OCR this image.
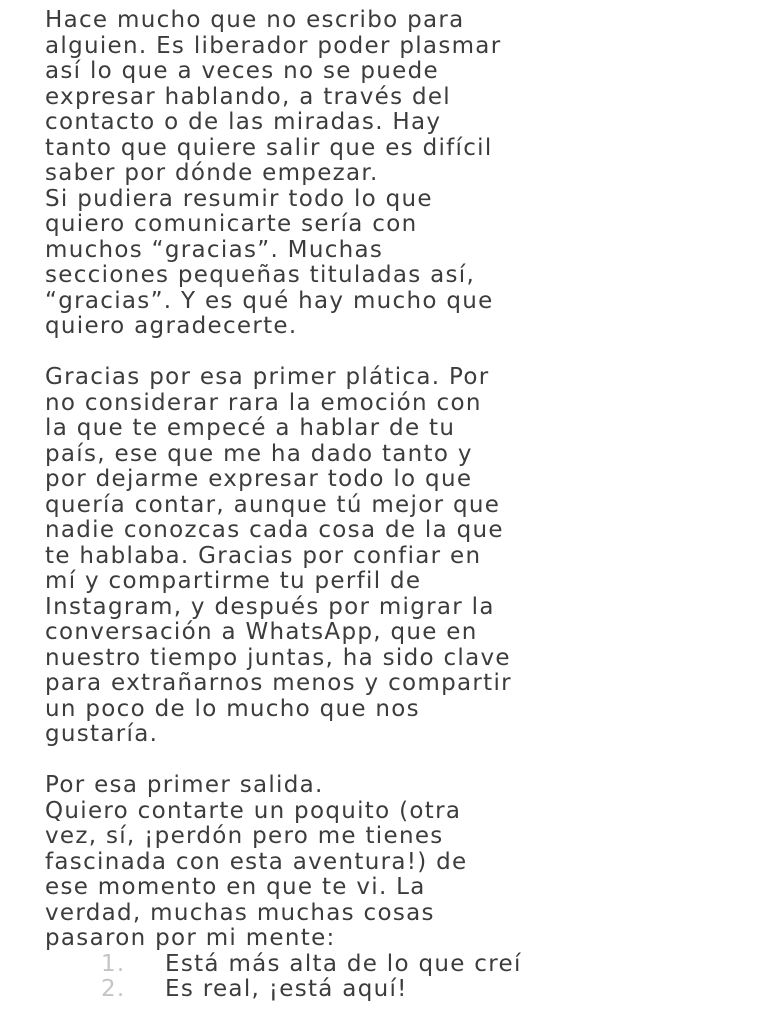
Hace mucho que no escribo para
alguien. Es liberador poder plasmar
así lo que a veces no se puede
expresar hablando, a través del
contacto o de las miradas. Hay
tanto que quiere salir que es difícil
saber por dónde empezar.
Si pudiera resumir todo lo que
quiero comunicarte sería con
muchos “gracias”. Muchas
secciones pequeñas tituladas así,
“gracias”. Y es qué hay mucho que
quiero agradecerte.

Gracias por esa primer plática. Por
no considerar rara la emoción con
la que te empecé a hablar de tu
país, ese que me ha dado tanto y
por dejarme expresar todo lo que
quería contar, aunque tú mejor que
nadie conozcas cada cosa de la que
te hablaba. Gracias por confiar en
mí y compartirme tu perfil de
Instagram, y después por migrar la
conversación a WhatsApp, que en
nuestro tiempo juntas, ha sido clave
para extrañarnos menos y compartir
un poco de lo mucho que nos
gustaría.

Por esa primer salida.
Quiero contarte un poquito (otra
vez, sí, ¡perdón pero me tienes
fascinada con esta aventura!) de
ese momento en que te vi. La
verdad, muchas muchas cosas
pasaron por mi mente:

1.	Está más alta de lo que creí
2.	Es real, ¡está aquí!
